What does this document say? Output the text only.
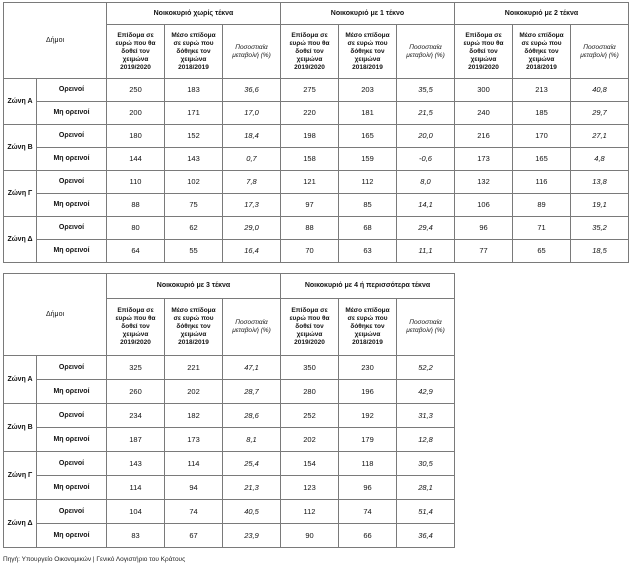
Δήμοι		Νοικοκυριό χωρίς τέκνα			Νοικοκυριό με 1 τέκνο			Νοικοκυριό με 2 τέκνα		
		Επίδομα σε
ευρώ που θα
δοθεί τον
χειμώνα
2019/2020	Μέσο επίδομα
σε ευρώ που
δόθηκε τον
χειμώνα
2018/2019	Ποσοστιαία
μεταβολή (%)	Επίδομα σε
ευρώ που θα
δοθεί τον
χειμώνα
2019/2020	Μέσο επίδομα
σε ευρώ που
δόθηκε τον
χειμώνα
2018/2019	Ποσοστιαία
μεταβολή (%)	Επίδομα σε
ευρώ που θα
δοθεί τον
χειμώνα
2019/2020	Μέσο επίδομα
σε ευρώ που
δόθηκε τον
χειμώνα
2018/2019	Ποσοστιαία
μεταβολή (%)
Ζώνη Α	Ορεινοί	250	183	36,6	275	203	35,5	300	213	40,8
	Μη ορεινοί	200	171	17,0	220	181	21,5	240	185	29,7
Ζώνη Β	Ορεινοί	180	152	18,4	198	165	20,0	216	170	27,1
	Μη ορεινοί	144	143	0,7	158	159	-0,6	173	165	4,8
Ζώνη Γ	Ορεινοί	110	102	7,8	121	112	8,0	132	116	13,8
	Μη ορεινοί	88	75	17,3	97	85	14,1	106	89	19,1
Ζώνη Δ	Ορεινοί	80	62	29,0	88	68	29,4	96	71	35,2
	Μη ορεινοί	64	55	16,4	70	63	11,1	77	65	18,5
Δήμοι		Νοικοκυριό με 3 τέκνα			Νοικοκυριό με 4 ή περισσότερα τέκνα		
		Επίδομα σε
ευρώ που θα
δοθεί τον
χειμώνα
2019/2020	Μέσο επίδομα
σε ευρώ που
δόθηκε τον
χειμώνα
2018/2019	Ποσοστιαία
μεταβολή (%)	Επίδομα σε
ευρώ που θα
δοθεί τον
χειμώνα
2019/2020	Μέσο επίδομα
σε ευρώ που
δόθηκε τον
χειμώνα
2018/2019	Ποσοστιαία
μεταβολή (%)
Ζώνη Α	Ορεινοί	325	221	47,1	350	230	52,2
	Μη ορεινοί	260	202	28,7	280	196	42,9
Ζώνη Β	Ορεινοί	234	182	28,6	252	192	31,3
	Μη ορεινοί	187	173	8,1	202	179	12,8
Ζώνη Γ	Ορεινοί	143	114	25,4	154	118	30,5
	Μη ορεινοί	114	94	21,3	123	96	28,1
Ζώνη Δ	Ορεινοί	104	74	40,5	112	74	51,4
	Μη ορεινοί	83	67	23,9	90	66	36,4
Πηγή: Υπουργείο Οικονομικών | Γενικό Λογιστήριο του Κράτους
